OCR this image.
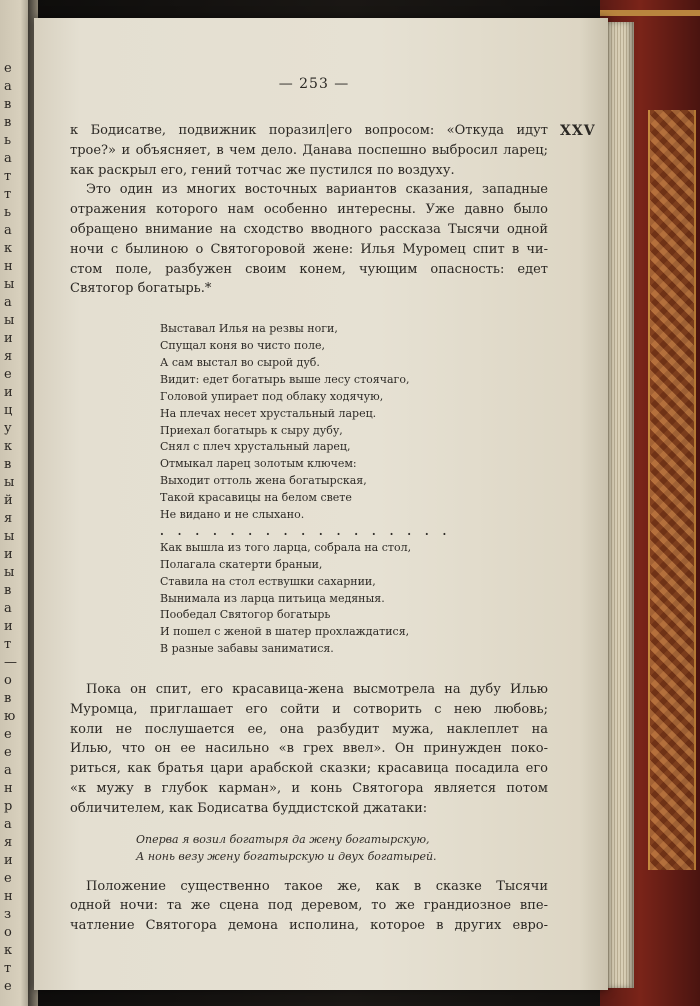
е
а
в
в
ь
а
т
т
ь
а
к
н
ы
а
ы
и
я
е
и
ц
у
к
в
ы
й
я
ы
и
ы
в
а
и
т
—
о
в
ю
е
е
а
н
р
а
я
и
е
н
з
о
к
т
е
— 253 —
XXV
к Бодисатве, подвижник поразил|его вопросом: «Откуда идут
трое?» и объясняет, в чем дело. Данава поспешно выбросил ларец;
как раскрыл его, гений тотчас же пустился по воздуху.
Это один из многих восточных вариантов сказания, западные
отражения которого нам особенно интересны. Уже давно было
обращено внимание на сходство вводного рассказа Тысячи одной
ночи с былиною о Святогоровой жене: Илья Муромец спит в чи-
стом поле, разбужен своим конем, чующим опасность: едет
Святогор богатырь.*
Выставал Илья на резвы ноги,
Спущал коня во чисто поле,
А сам выстал во сырой дуб.
Видит: едет богатырь выше лесу стоячаго,
Головой упирает под облаку ходячую,
На плечах несет хрустальный ларец.
Приехал богатырь к сыру дубу,
Снял с плеч хрустальный ларец,
Отмыкал ларец золотым ключем:
Выходит оттоль жена богатырская,
Такой красавицы на белом свете
Не видано и не слыхано.
. . . . . . . . . . . . . . . . .
Как вышла из того ларца, собрала на стол,
Полагала скатерти браныи,
Ставила на стол ествушки сахарнии,
Вынимала из ларца питьица медяныя.
Пообедал Святогор богатырь
И пошел с женой в шатер прохлаждатися,
В разные забавы заниматися.
Пока он спит, его красавица-жена высмотрела на дубу Илью
Муромца, приглашает его сойти и сотворить с нею любовь;
коли не послушается ее, она разбудит мужа, наклеплет на
Илью, что он ее насильно «в грех ввел». Он принужден поко-
риться, как братья цари арабской сказки; красавица посадила его
«к мужу в глубок карман», и конь Святогора является потом
обличителем, как Бодисатва буддистской джатаки:
Оперва я возил богатыря да жену богатырскую,
А нонь везу жену богатырскую и двух богатырей.
Положение существенно такое же, как в сказке Тысячи
одной ночи: та же сцена под деревом, то же грандиозное впе-
чатление Святогора демона исполина, которое в других евро-
